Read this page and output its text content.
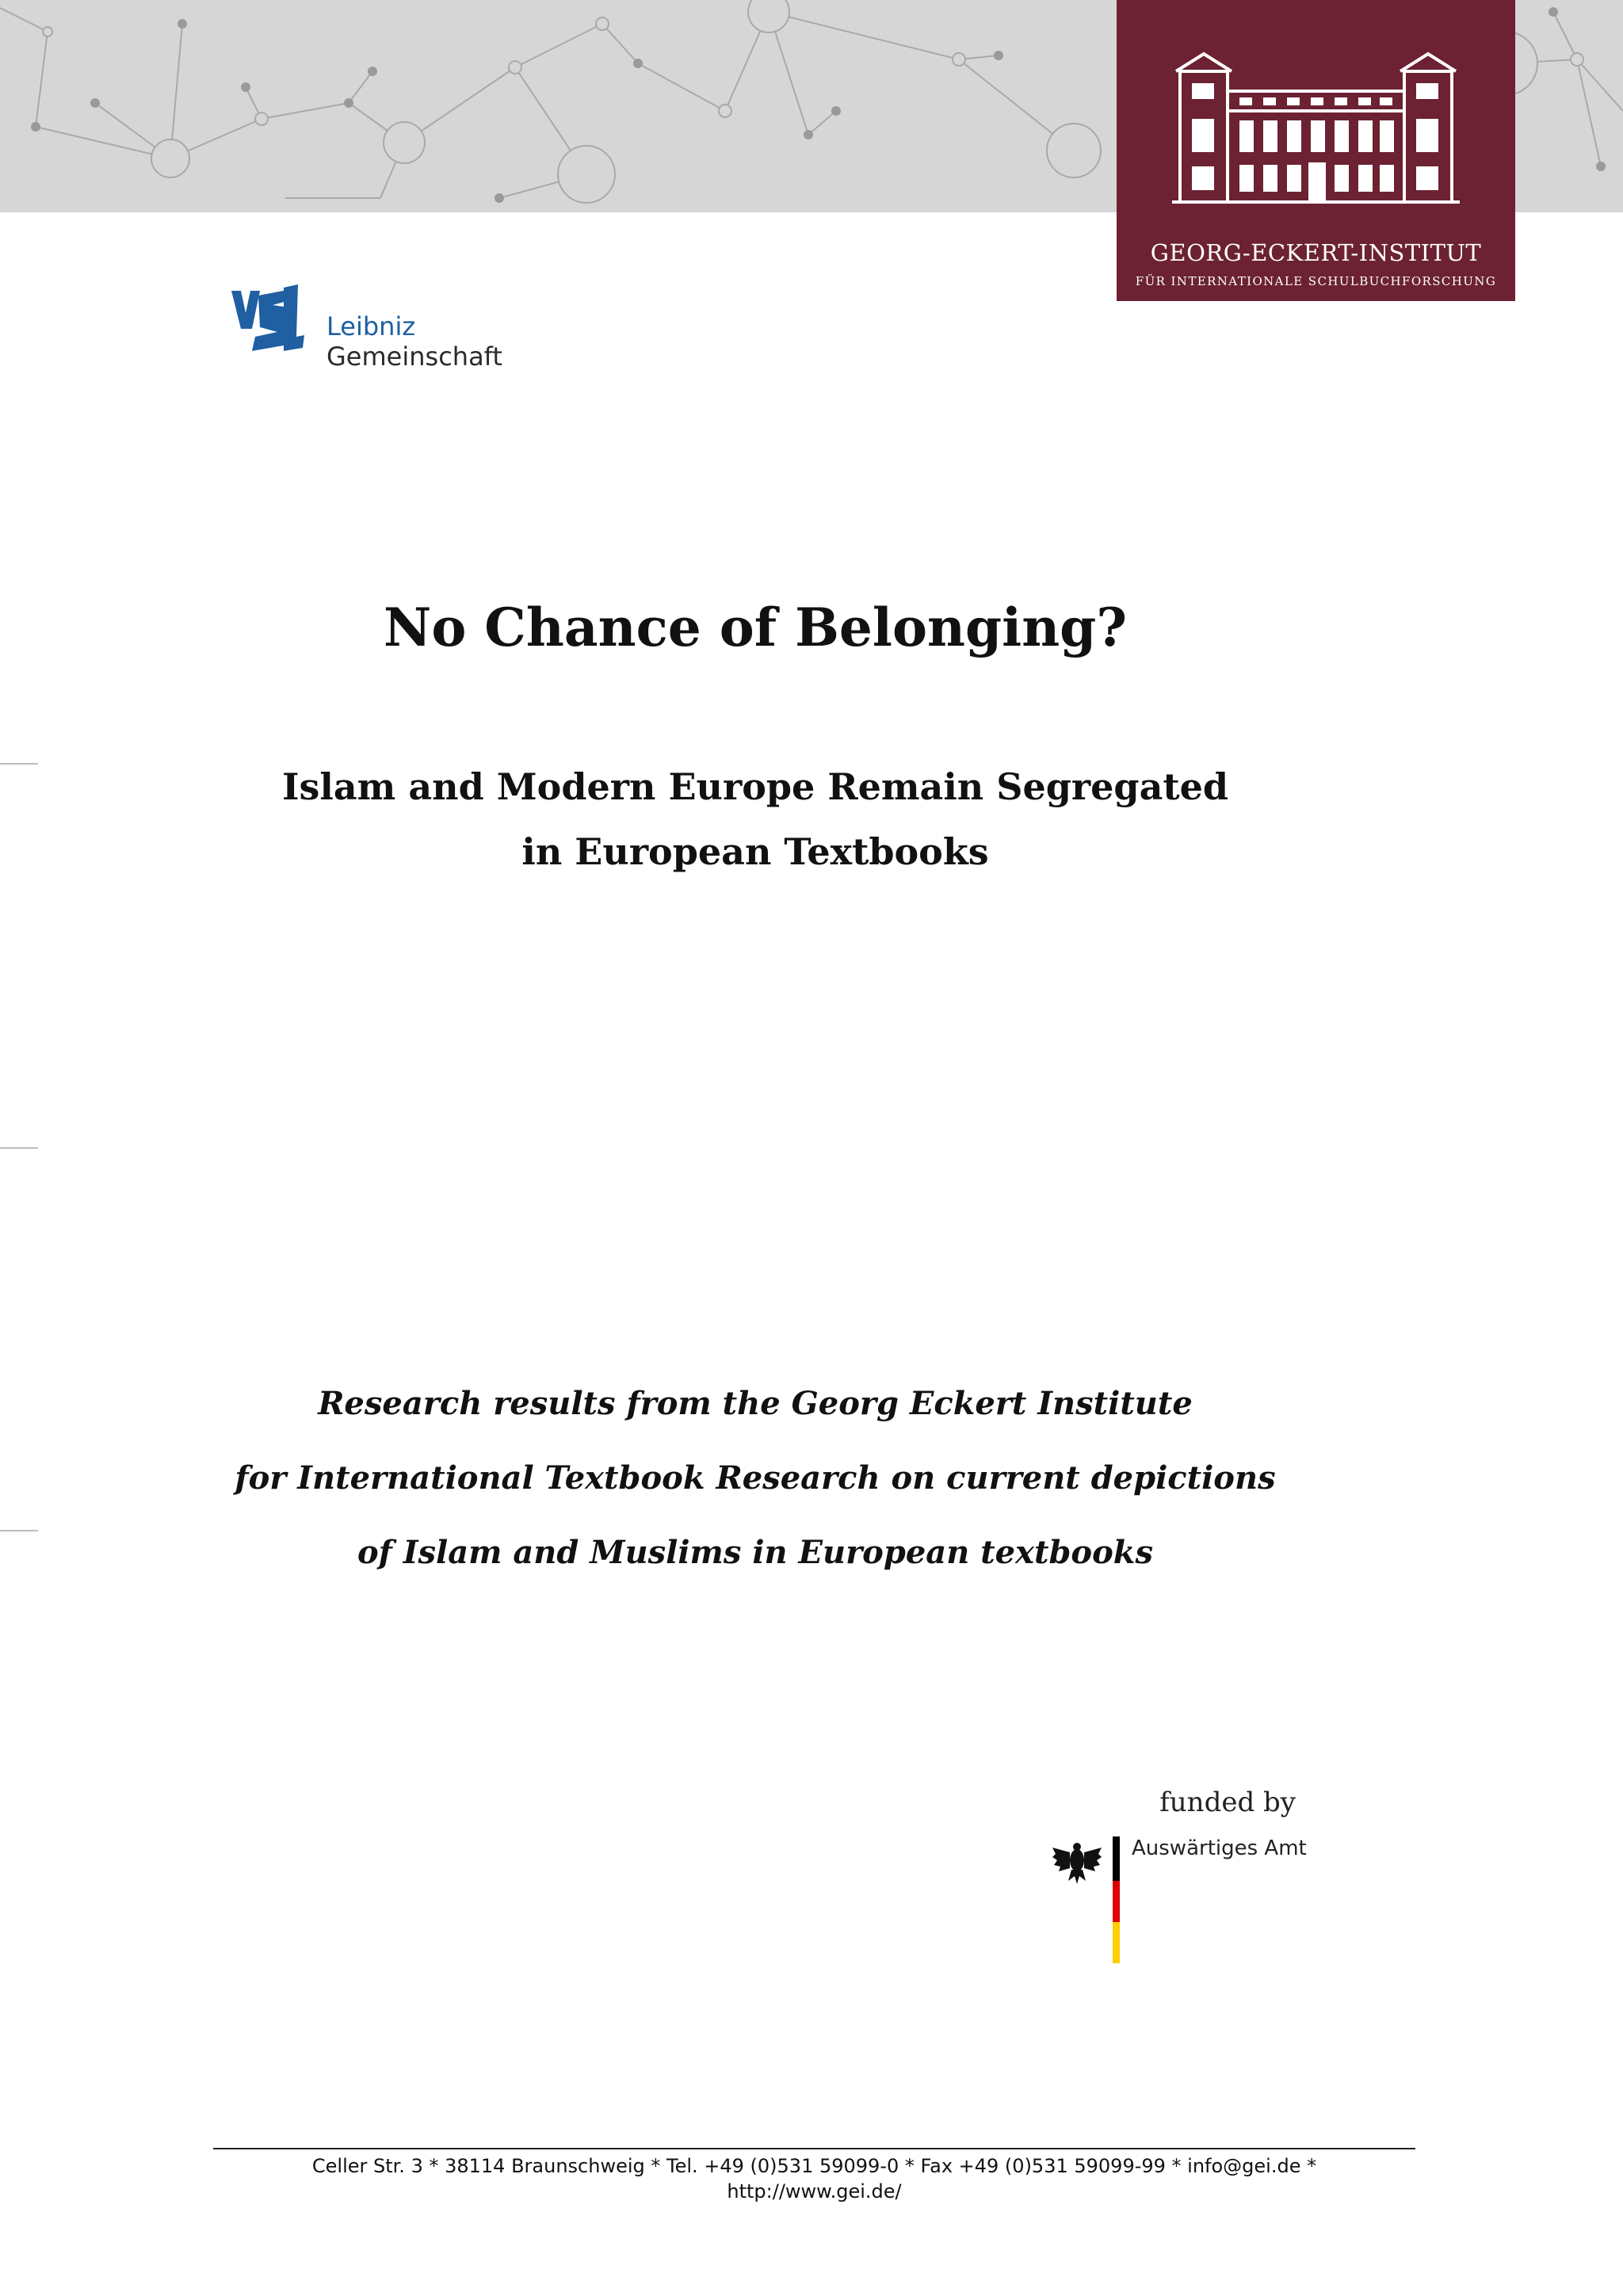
GEORG-ECKERT-INSTITUT
FÜR INTERNATIONALE SCHULBUCHFORSCHUNG
Leibniz
Gemeinschaft
No Chance of Belonging?
Islam and Modern Europe Remain Segregated
in European Textbooks
Research results from the Georg Eckert Institute
for International Textbook Research on current depictions
of Islam and Muslims in European textbooks
funded by
Auswärtiges Amt
Celler Str. 3 * 38114 Braunschweig * Tel. +49 (0)531 59099-0 * Fax +49 (0)531 59099-99 * info@gei.de *
http://www.gei.de/
